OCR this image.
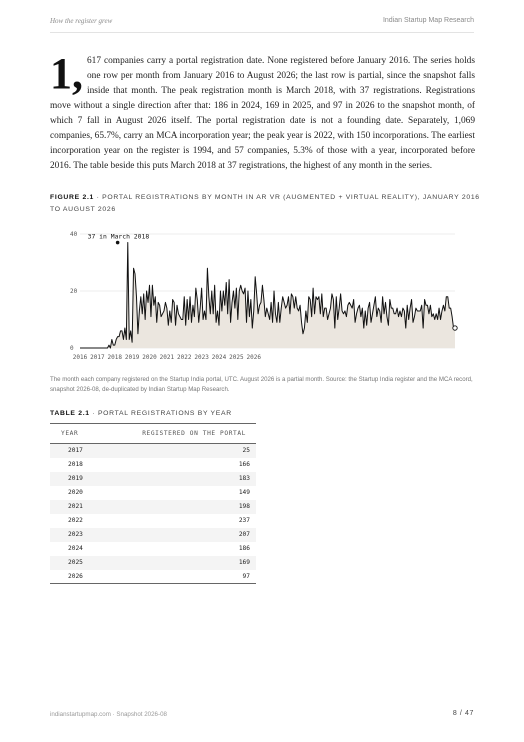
How the register grew	Indian Startup Map Research
1, 617 companies carry a portal registration date. None registered before January 2016. The series holds one row per month from January 2016 to August 2026; the last row is partial, since the snapshot falls inside that month. The peak registration month is March 2018, with 37 registrations. Registrations move without a single direction after that: 186 in 2024, 169 in 2025, and 97 in 2026 to the snapshot month, of which 7 fall in August 2026 itself. The portal registration date is not a founding date. Separately, 1,069 companies, 65.7%, carry an MCA incorporation year; the peak year is 2022, with 150 incorporations. The earliest incorporation year on the register is 1994, and 57 companies, 5.3% of those with a year, incorporated before 2016. The table beside this puts March 2018 at 37 registrations, the highest of any month in the series.
FIGURE 2.1 · PORTAL REGISTRATIONS BY MONTH IN AR VR (AUGMENTED + VIRTUAL REALITY), JANUARY 2016 TO AUGUST 2026
0
20
40
2016 2017 2018 2019 2020 2021 2022 2023 2024 2025 2026
37 in March 2018
The month each company registered on the Startup India portal, UTC. August 2026 is a partial month. Source: the Startup India register and the MCA record, snapshot 2026-08, de-duplicated by Indian Startup Map Research.
TABLE 2.1 · PORTAL REGISTRATIONS BY YEAR
YEAR	REGISTERED ON THE PORTAL
2017	25
2018	166
2019	183
2020	149
2021	198
2022	237
2023	207
2024	186
2025	169
2026	97
indianstartupmap.com · Snapshot 2026-08	8 / 47
